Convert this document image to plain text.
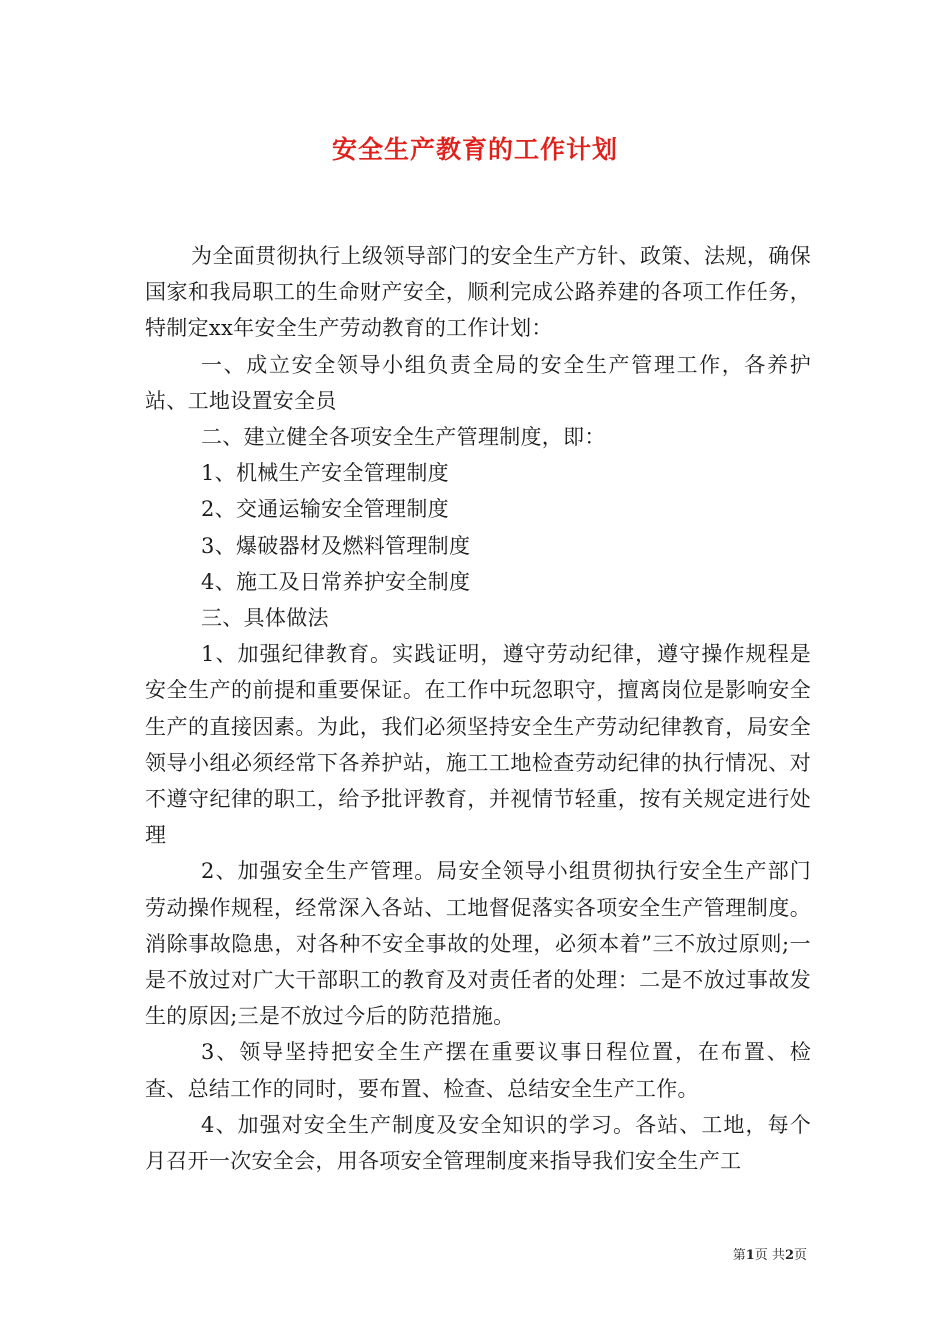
安全生产教育的工作计划

为全面贯彻执行上级领导部门的安全生产方针、政策、法规，确保国家和我局职工的生命财产安全，顺利完成公路养建的各项工作任务，特制定xx年安全生产劳动教育的工作计划：

一、成立安全领导小组负责全局的安全生产管理工作，各养护站、工地设置安全员

二、建立健全各项安全生产管理制度，即：

1、机械生产安全管理制度

2、交通运输安全管理制度

3、爆破器材及燃料管理制度

4、施工及日常养护安全制度

三、具体做法

1、加强纪律教育。实践证明，遵守劳动纪律，遵守操作规程是安全生产的前提和重要保证。在工作中玩忽职守，擅离岗位是影响安全生产的直接因素。为此，我们必须坚持安全生产劳动纪律教育，局安全领导小组必须经常下各养护站，施工工地检查劳动纪律的执行情况、对不遵守纪律的职工，给予批评教育，并视情节轻重，按有关规定进行处理

2、加强安全生产管理。局安全领导小组贯彻执行安全生产部门劳动操作规程，经常深入各站、工地督促落实各项安全生产管理制度。消除事故隐患，对各种不安全事故的处理，必须本着”三不放过原则;一是不放过对广大干部职工的教育及对责任者的处理：二是不放过事故发生的原因;三是不放过今后的防范措施。

3、领导坚持把安全生产摆在重要议事日程位置，在布置、检查、总结工作的同时，要布置、检查、总结安全生产工作。

4、加强对安全生产制度及安全知识的学习。各站、工地，每个月召开一次安全会，用各项安全管理制度来指导我们安全生产工

第1页 共2页
